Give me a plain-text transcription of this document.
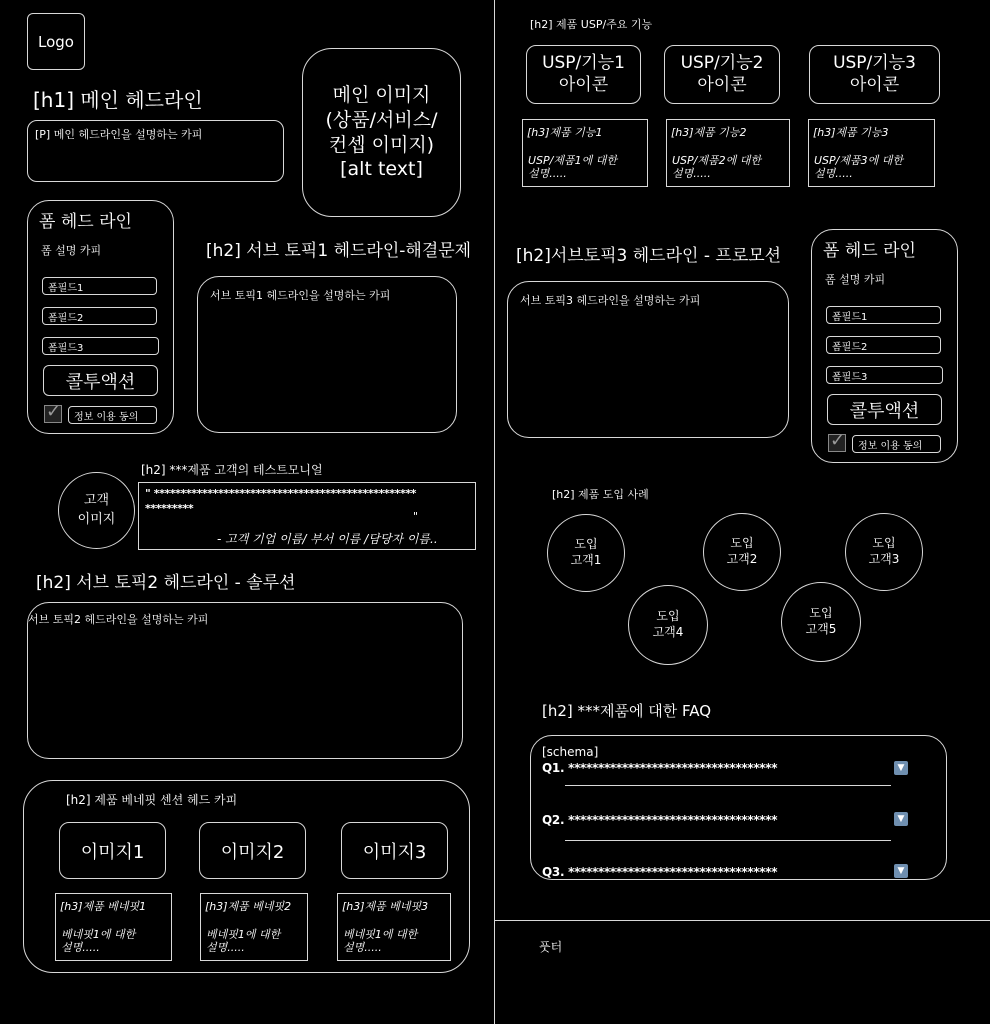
Logo
[h1] 메인 헤드라인
[P] 메인 헤드라인을 설명하는 카피
메인 이미지
(상품/서비스/
컨셉 이미지)
[alt text]
폼 헤드 라인
폼 설명 카피
폼필드1
폼필드2
폼필드3
콜투액션
✓
정보 이용 동의
[h2] 서브 토픽1 헤드라인-해결문제
서브 토픽1 헤드라인을 설명하는 카피
고객
이미지
[h2] ***제품 고객의 테스트모니얼
" *************************************************
*********
"
- 고객 기업 이름/ 부서 이름 /담당자 이름..
[h2] 서브 토픽2 헤드라인 - 솔루션
서브 토픽2 헤드라인을 설명하는 카피
[h2] 제품 베네핏 센션 헤드 카피
이미지1	이미지2	이미지3
[h3]제품 베네핏1
베네핏1에 대한
설명.....
[h3]제품 베네핏2
베네핏1에 대한
설명.....
[h3]제품 베네핏3
베네핏1에 대한
설명.....
[h2] 제품 USP/주요 기능
USP/기능1
아이콘
USP/기능2
아이콘
USP/기능3
아이콘
[h3]제품 기능1
USP/제품1에 대한
설명.....
[h3]제품 기능2
USP/제품2에 대한
설명.....
[h3]제품 기능3
USP/제품3에 대한
설명.....
[h2]서브토픽3 헤드라인 - 프로모션
서브 토픽3 헤드라인을 설명하는 카피
폼 헤드 라인
폼 설명 카피
폼필드1
폼필드2
폼필드3
콜투액션
✓
정보 이용 동의
[h2] 제품 도입 사례
도입
고객1
도입
고객2
도입
고객3
도입
고객4
도입
고객5
[h2] ***제품에 대한 FAQ
[schema]
Q1. ***********************************	▼
Q2. ***********************************	▼
Q3. ***********************************	▼
풋터
